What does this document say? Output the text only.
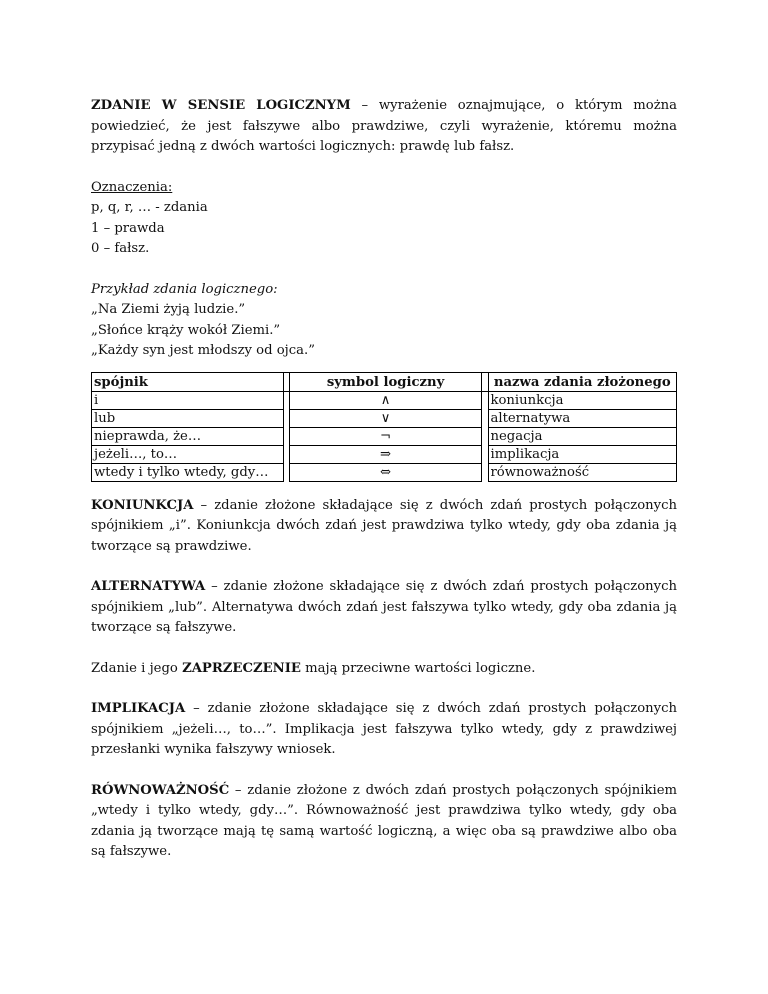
ZDANIE W SENSIE LOGICZNYM – wyrażenie oznajmujące, o którym można powiedzieć, że jest fałszywe albo prawdziwe, czyli wyrażenie, któremu można przypisać jedną z dwóch wartości logicznych: prawdę lub fałsz.

Oznaczenia:
p, q, r, … - zdania
1 – prawda
0 – fałsz.
Przykład zdania logicznego:
„Na Ziemi żyją ludzie.”
„Słońce krąży wokół Ziemi.”
„Każdy syn jest młodszy od ojca.”
spójnik		symbol logiczny		nazwa zdania złożonego
i		∧		koniunkcja
lub		∨		alternatywa
nieprawda, że…		¬		negacja
jeżeli…, to…		⇒		implikacja
wtedy i tylko wtedy, gdy…		⇔		równoważność

KONIUNKCJA – zdanie złożone składające się z dwóch zdań prostych połączonych spójnikiem „i”. Koniunkcja dwóch zdań jest prawdziwa tylko wtedy, gdy oba zdania ją tworzące są prawdziwe.

ALTERNATYWA – zdanie złożone składające się z dwóch zdań prostych połączonych spójnikiem „lub”. Alternatywa dwóch zdań jest fałszywa tylko wtedy, gdy oba zdania ją tworzące są fałszywe.

Zdanie i jego ZAPRZECZENIE mają przeciwne wartości logiczne.

IMPLIKACJA – zdanie złożone składające się z dwóch zdań prostych połączonych spójnikiem „jeżeli…, to…”. Implikacja jest fałszywa tylko wtedy, gdy z prawdziwej przesłanki wynika fałszywy wniosek.

RÓWNOWAŻNOŚĆ – zdanie złożone z dwóch zdań prostych połączonych spójnikiem „wtedy i tylko wtedy, gdy…”. Równoważność jest prawdziwa tylko wtedy, gdy oba zdania ją tworzące mają tę samą wartość logiczną, a więc oba są prawdziwe albo oba są fałszywe.
